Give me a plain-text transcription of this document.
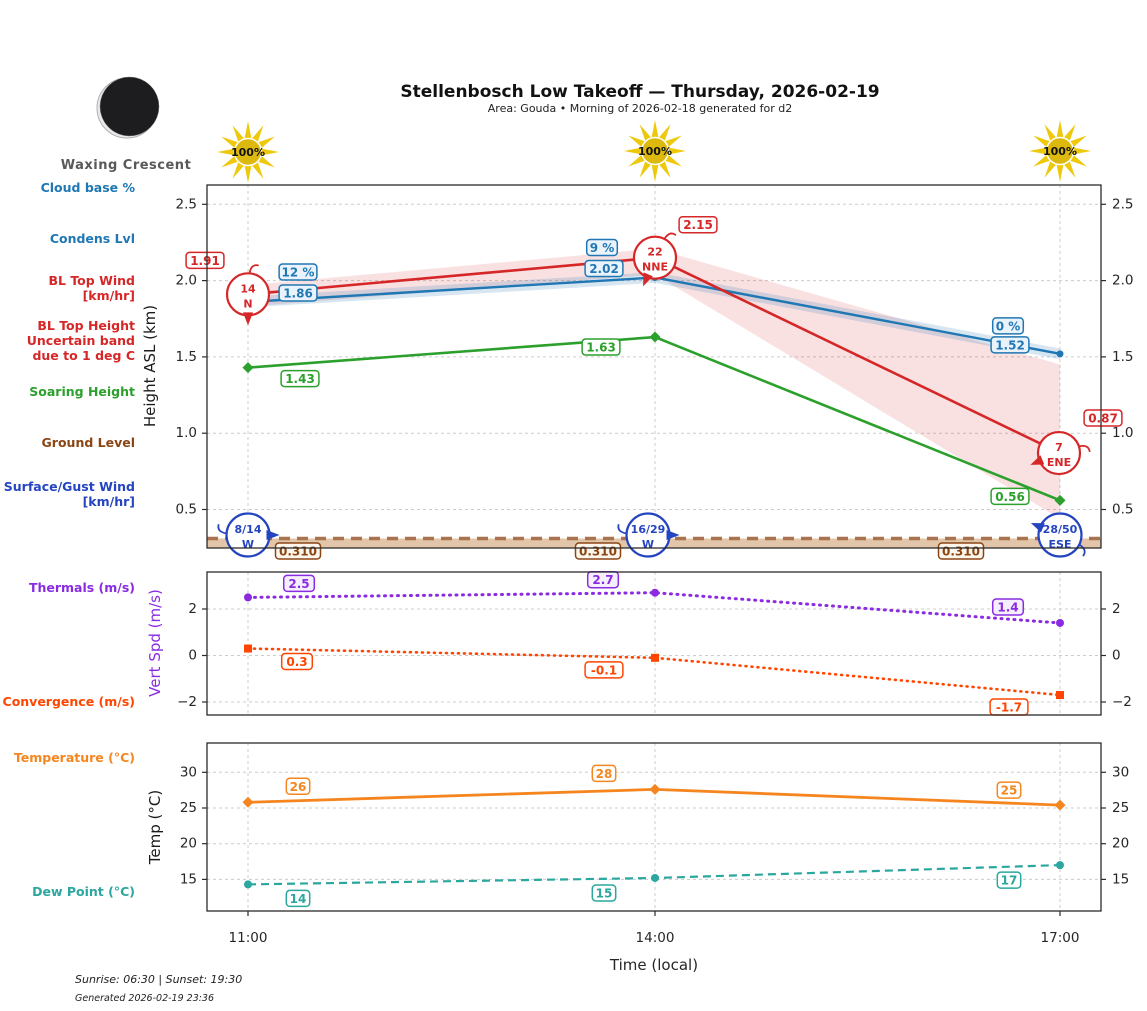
Stellenbosch Low Takeoff — Thursday, 2026-02-19
Area: Gouda • Morning of 2026-02-18 generated for d2
Waxing Crescent
Cloud base %
Condens Lvl
BL Top Wind
[km/hr]
BL Top Height
Uncertain band
due to 1 deg C
Soaring Height
Ground Level
Surface/Gust Wind
[km/hr]
Thermals (m/s)
Convergence (m/s)
Temperature (°C)
Dew Point (°C)
100%	100%	100%
0.310	0.310	0.310
1.43
1.63
0.56
12 %
9 %
0 %
1.86
2.02
1.52
1.91
2.15
0.87
14
N
22
NNE
7
ENE
8/14
W
16/29
W
28/50
ESE
2.5	2.7
1.4
0.3
-0.1
-1.7
26
28
25
14	15
17
0.5	0.5
1.0	1.0
1.5	1.5
2.0	2.0
2.5	2.5
−2	−2
0	0
2	2
15	15
20	20
25	25
30	30
11:00	14:00	17:00
Time (local)
Height ASL (km)
Vert Spd (m/s)
Temp (°C)
Sunrise: 06:30 | Sunset: 19:30
Generated 2026-02-19 23:36
